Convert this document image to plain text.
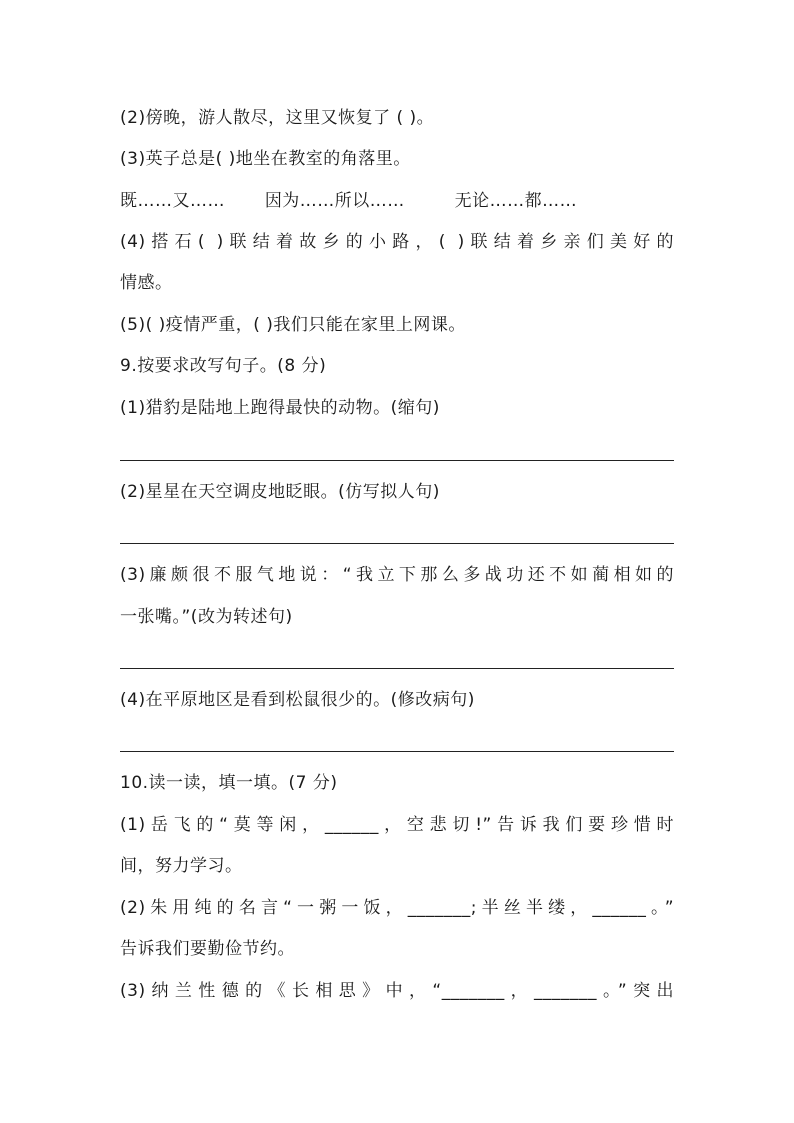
(2)傍晚，游人散尽，这里又恢复了 ( )。
(3)英子总是( )地坐在教室的角落里。
既……又…… 因为……所以……	无论……都……
(4)搭石( )联结着故乡的小路，( )联结着乡亲们美好的
情感。
(5)( )疫情严重，( )我们只能在家里上网课。
9.按要求改写句子。(8 分)
(1)猎豹是陆地上跑得最快的动物。(缩句)
(2)星星在天空调皮地眨眼。(仿写拟人句)
(3)廉颇很不服气地说：“我立下那么多战功还不如蔺相如的
一张嘴。”(改为转述句)
(4)在平原地区是看到松鼠很少的。(修改病句)
10.读一读，填一填。(7 分)
(1)岳飞的“莫等闲，______，空悲切!”告诉我们要珍惜时
间，努力学习。
(2)朱用纯的名言“一粥一饭，_______;半丝半缕，______。”
告诉我们要勤俭节约。
(3)纳兰性德的《长相思》中，“_______，_______。”突出
